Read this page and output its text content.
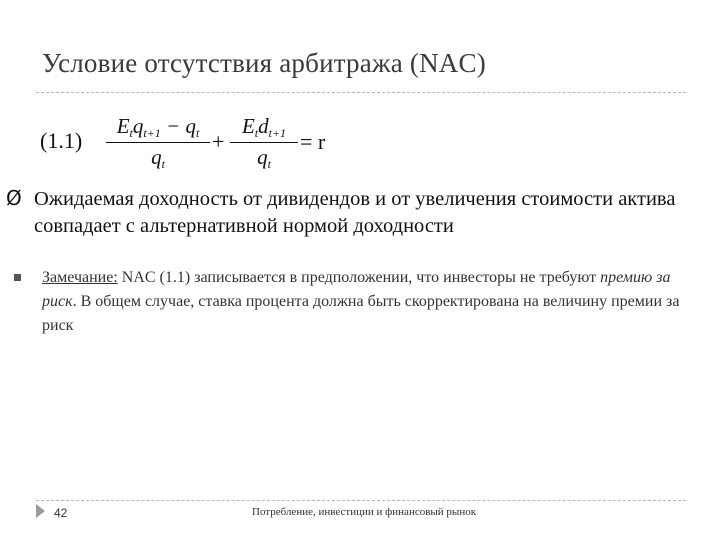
Условие отсутствия арбитража (NAC)
(1.1)
$E_tq_{t+1} - q_t$
$q_t$
+
$E_td_{t+1}$
$q_t$
= r
Ø Ожидаемая доходность от дивидендов и от увеличения стоимости актива совпадает с альтернативной нормой доходности
Замечание: NAC (1.1) записывается в предположении, что инвесторы не требуют премию за риск. В общем случае, ставка процента должна быть скорректирована на величину премии за риск
42	Потребление, инвестиции и финансовый рынок
